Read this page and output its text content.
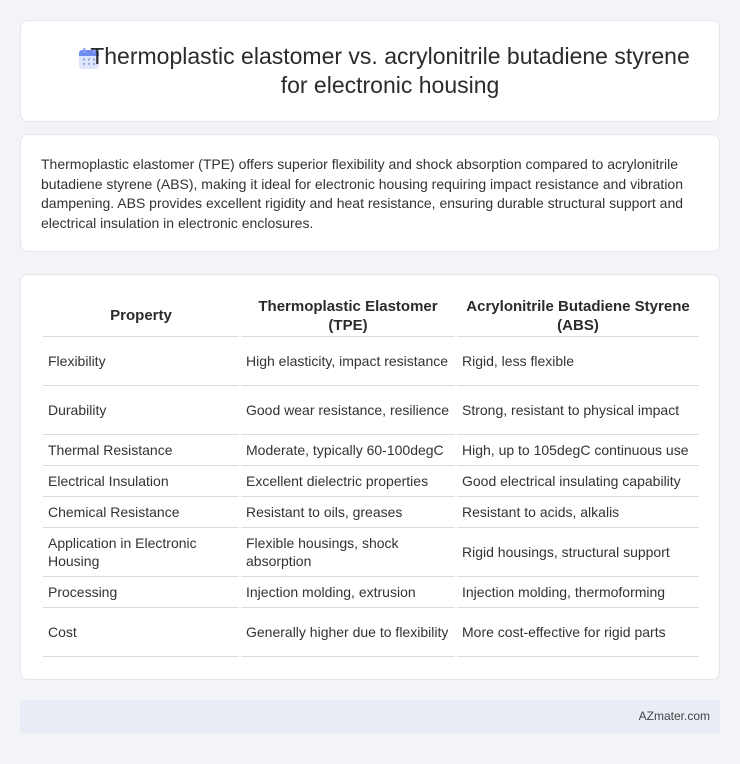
Thermoplastic elastomer vs. acrylonitrile butadiene styrene for electronic housing

Thermoplastic elastomer (TPE) offers superior flexibility and shock absorption compared to acrylonitrile butadiene styrene (ABS), making it ideal for electronic housing requiring impact resistance and vibration dampening. ABS provides excellent rigidity and heat resistance, ensuring durable structural support and electrical insulation in electronic enclosures.

Property	Thermoplastic Elastomer (TPE)	Acrylonitrile Butadiene Styrene (ABS)
Flexibility	High elasticity, impact resistance	Rigid, less flexible
Durability	Good wear resistance, resilience	Strong, resistant to physical impact
Thermal Resistance	Moderate, typically 60-100degC	High, up to 105degC continuous use
Electrical Insulation	Excellent dielectric properties	Good electrical insulating capability
Chemical Resistance	Resistant to oils, greases	Resistant to acids, alkalis
Application in Electronic Housing	Flexible housings, shock absorption	Rigid housings, structural support
Processing	Injection molding, extrusion	Injection molding, thermoforming
Cost	Generally higher due to flexibility	More cost-effective for rigid parts
AZmater.com
